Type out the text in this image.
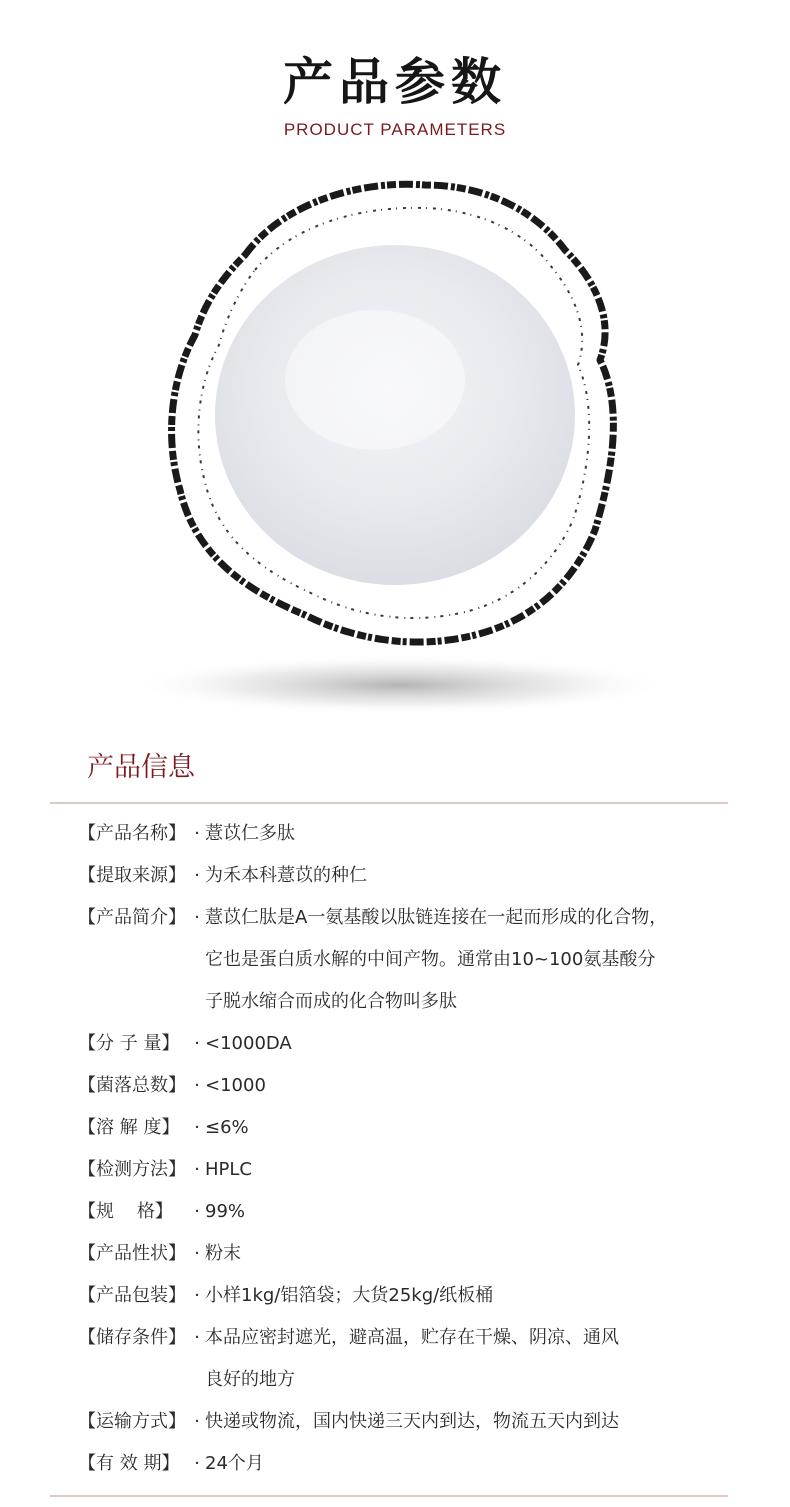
产品参数
PRODUCT PARAMETERS
产品信息
【产品名称】 · 薏苡仁多肽
【提取来源】 · 为禾本科薏苡的种仁
【产品简介】 · 薏苡仁肽是A一氨基酸以肽链连接在一起而形成的化合物，
它也是蛋白质水解的中间产物。通常由10~100氨基酸分
子脱水缩合而成的化合物叫多肽
【分 子 量】 · <1000DA
【菌落总数】 · <1000
【溶 解 度】 · ≤6%
【检测方法】 · HPLC
【规    格】	· 99%
【产品性状】 · 粉末
【产品包装】 · 小样1kg/铝箔袋；大货25kg/纸板桶
【储存条件】 · 本品应密封遮光，避高温，贮存在干燥、阴凉、通风
良好的地方
【运输方式】 · 快递或物流，国内快递三天内到达，物流五天内到达
【有 效 期】 · 24个月
